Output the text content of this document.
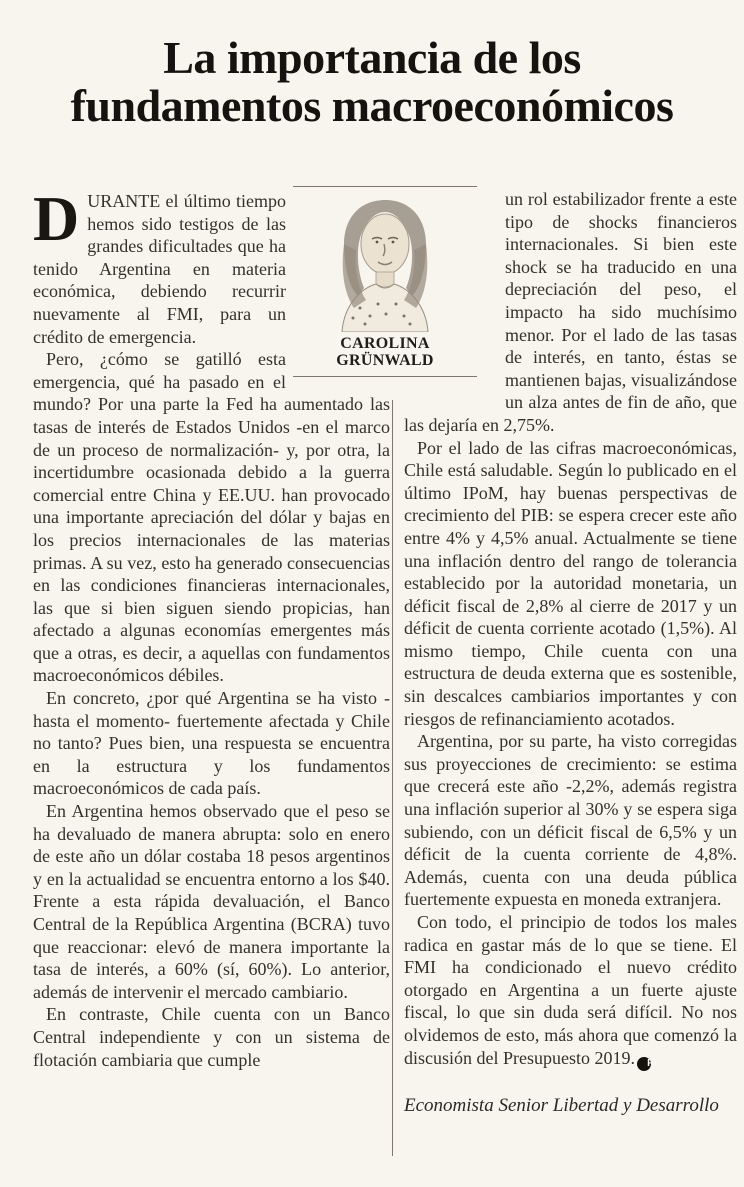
La importancia de los
fundamentos macroeconómicos
CAROLINA
GRÜNWALD

DURANTE el último tiempo hemos sido testigos de las grandes dificultades que ha tenido Argentina en materia económica, debiendo recurrir nuevamente al FMI, para un crédito de emergencia.

Pero, ¿cómo se gatilló esta emergencia, qué ha pasado en el mundo? Por una parte la Fed ha aumentado las tasas de interés de Estados Unidos -en el marco de un proceso de normalización- y, por otra, la incertidumbre ocasionada debido a la guerra comercial entre China y EE.UU. han provocado una importante apreciación del dólar y bajas en los precios internacionales de las materias primas. A su vez, esto ha generado consecuencias en las condiciones financieras internacionales, las que si bien siguen siendo propicias, han afectado a algunas economías emergentes más que a otras, es decir, a aquellas con fundamentos macroeconómicos débiles.

En concreto, ¿por qué Argentina se ha visto -hasta el momento- fuertemente afectada y Chile no tanto? Pues bien, una respuesta se encuentra en la estructura y los fundamentos macroeconómicos de cada país.

En Argentina hemos observado que el peso se ha devaluado de manera abrupta: solo en enero de este año un dólar costaba 18 pesos argentinos y en la actualidad se encuentra entorno a los $40. Frente a esta rápida devaluación, el Banco Central de la República Argentina (BCRA) tuvo que reaccionar: elevó de manera importante la tasa de interés, a 60% (sí, 60%). Lo anterior, además de intervenir el mercado cambiario.

En contraste, Chile cuenta con un Banco Central independiente y con un sistema de flotación cambiaria que cumple

un rol estabilizador frente a este tipo de shocks financieros internacionales. Si bien este shock se ha traducido en una depreciación del peso, el impacto ha sido muchísimo menor. Por el lado de las tasas de interés, en tanto, éstas se mantienen bajas, visualizándose un alza antes de fin de año, que las dejaría en 2,75%.

Por el lado de las cifras macroeconómicas, Chile está saludable. Según lo publicado en el último IPoM, hay buenas perspectivas de crecimiento del PIB: se espera crecer este año entre 4% y 4,5% anual. Actualmente se tiene una inflación dentro del rango de tolerancia establecido por la autoridad monetaria, un déficit fiscal de 2,8% al cierre de 2017 y un déficit de cuenta corriente acotado (1,5%). Al mismo tiempo, Chile cuenta con una estructura de deuda externa que es sostenible, sin descalces cambiarios importantes y con riesgos de refinanciamiento acotados.

Argentina, por su parte, ha visto corregidas sus proyecciones de crecimiento: se estima que crecerá este año -2,2%, además registra una inflación superior al 30% y se espera siga subiendo, con un déficit fiscal de 6,5% y un déficit de la cuenta corriente de 4,8%. Además, cuenta con una deuda pública fuertemente expuesta en moneda extranjera.

Con todo, el principio de todos los males radica en gastar más de lo que se tiene. El FMI ha condicionado el nuevo crédito otorgado en Argentina a un fuerte ajuste fiscal, lo que sin duda será difícil. No nos olvidemos de esto, más ahora que comenzó la discusión del Presupuesto 2019.	P

Economista Senior Libertad y Desarrollo
